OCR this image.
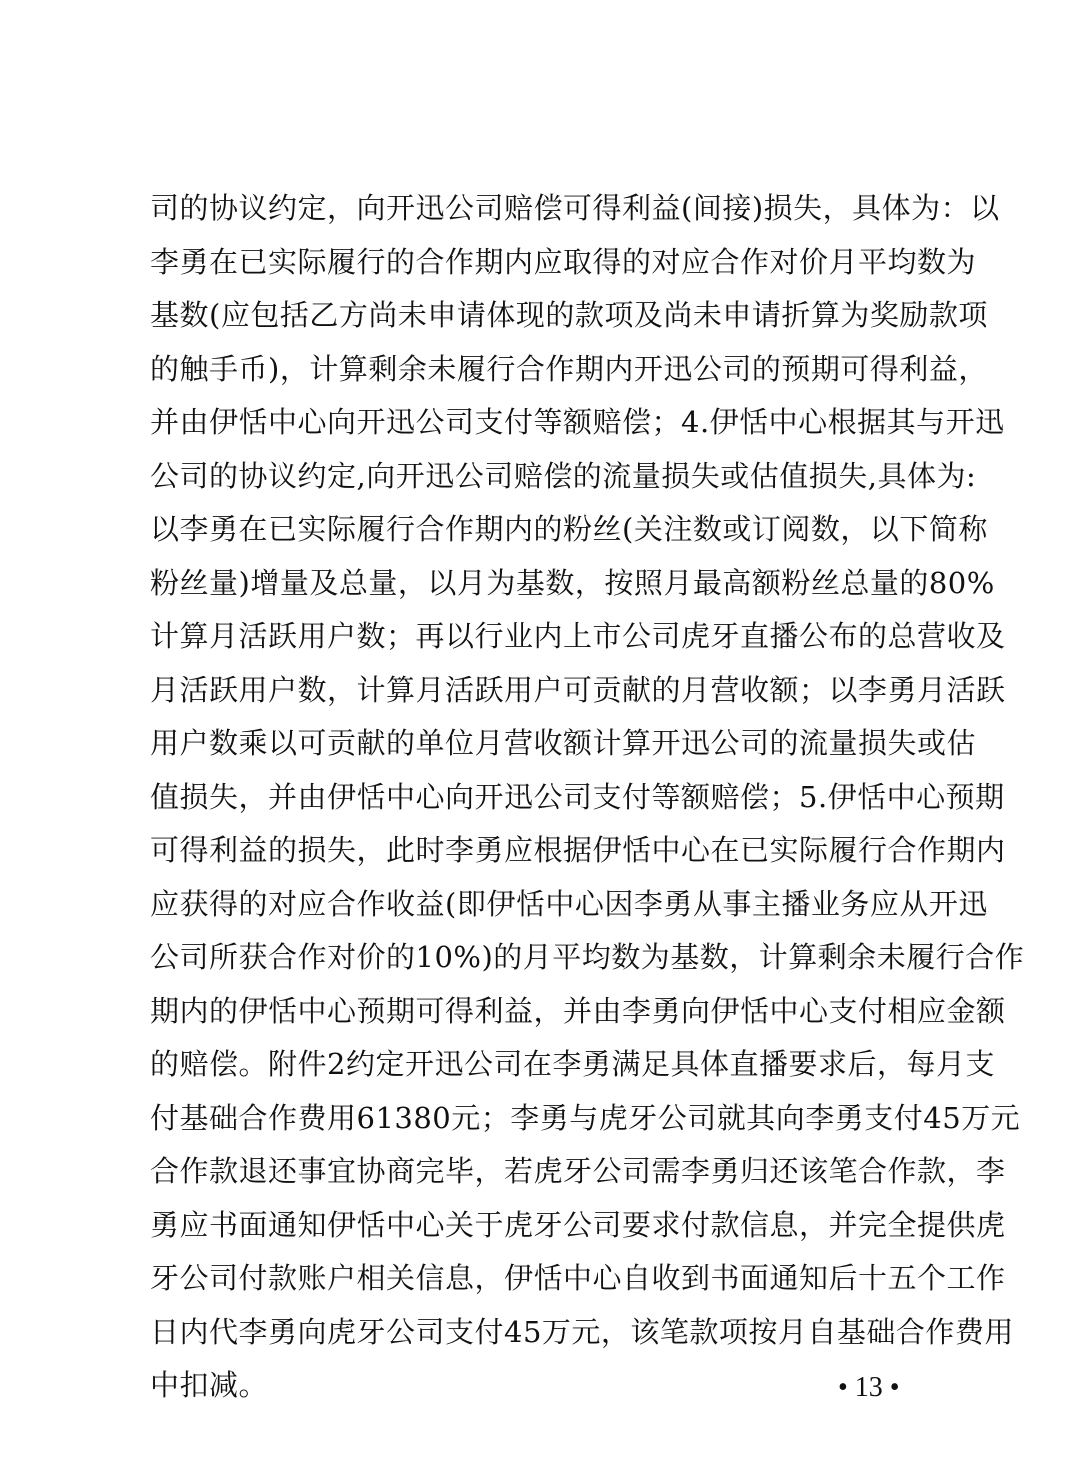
司的协议约定，向开迅公司赔偿可得利益(间接)损失，具体为：以
李勇在已实际履行的合作期内应取得的对应合作对价月平均数为
基数(应包括乙方尚未申请体现的款项及尚未申请折算为奖励款项
的触手币)，计算剩余未履行合作期内开迅公司的预期可得利益，
并由伊恬中心向开迅公司支付等额赔偿；4.伊恬中心根据其与开迅
公司的协议约定,向开迅公司赔偿的流量损失或估值损失,具体为:
以李勇在已实际履行合作期内的粉丝(关注数或订阅数，以下简称
粉丝量)增量及总量，以月为基数，按照月最高额粉丝总量的80%
计算月活跃用户数；再以行业内上市公司虎牙直播公布的总营收及
月活跃用户数，计算月活跃用户可贡献的月营收额；以李勇月活跃
用户数乘以可贡献的单位月营收额计算开迅公司的流量损失或估
值损失，并由伊恬中心向开迅公司支付等额赔偿；5.伊恬中心预期
可得利益的损失，此时李勇应根据伊恬中心在已实际履行合作期内
应获得的对应合作收益(即伊恬中心因李勇从事主播业务应从开迅
公司所获合作对价的10%)的月平均数为基数，计算剩余未履行合作
期内的伊恬中心预期可得利益，并由李勇向伊恬中心支付相应金额
的赔偿。附件2约定开迅公司在李勇满足具体直播要求后，每月支
付基础合作费用61380元；李勇与虎牙公司就其向李勇支付45万元
合作款退还事宜协商完毕，若虎牙公司需李勇归还该笔合作款，李
勇应书面通知伊恬中心关于虎牙公司要求付款信息，并完全提供虎
牙公司付款账户相关信息，伊恬中心自收到书面通知后十五个工作
日内代李勇向虎牙公司支付45万元，该笔款项按月自基础合作费用
中扣减。	• 13 •
